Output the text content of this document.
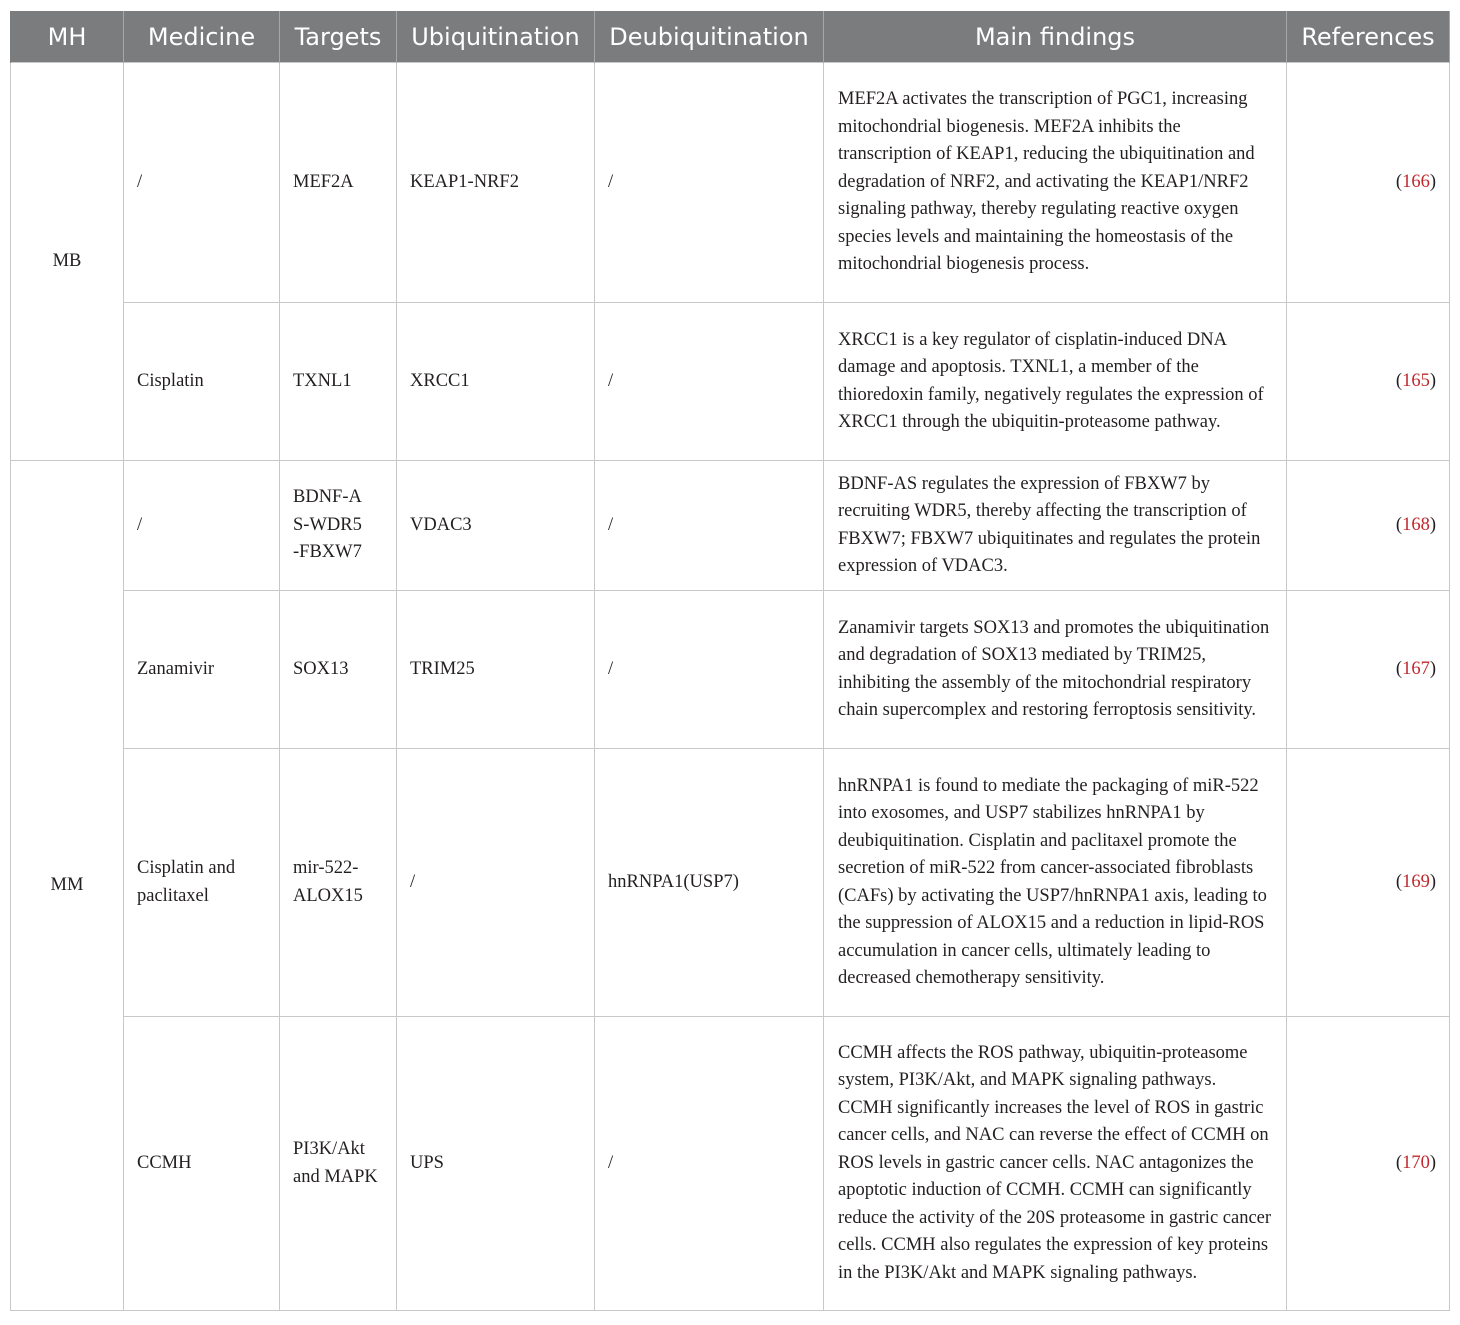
MH	Medicine	Targets	Ubiquitination	Deubiquitination	Main findings	References
MB	/	MEF2A	KEAP1-NRF2	/	MEF2A activates the transcription of PGC1, increasing mitochondrial biogenesis. MEF2A inhibits the transcription of KEAP1, reducing the ubiquitination and degradation of NRF2, and activating the KEAP1/NRF2 signaling pathway, thereby regulating reactive oxygen species levels and maintaining the homeostasis of the mitochondrial biogenesis process.	(166)
	Cisplatin	TXNL1	XRCC1	/	XRCC1 is a key regulator of cisplatin-induced DNA damage and apoptosis. TXNL1, a member of the thioredoxin family, negatively regulates the expression of XRCC1 through the ubiquitin-proteasome pathway.	(165)
MM	/	BDNF-AS-WDR5-FBXW7	VDAC3	/	BDNF-AS regulates the expression of FBXW7 by recruiting WDR5, thereby affecting the transcription of FBXW7; FBXW7 ubiquitinates and regulates the protein expression of VDAC3.	(168)
	Zanamivir	SOX13	TRIM25	/	Zanamivir targets SOX13 and promotes the ubiquitination and degradation of SOX13 mediated by TRIM25, inhibiting the assembly of the mitochondrial respiratory chain supercomplex and restoring ferroptosis sensitivity.	(167)
	Cisplatin and paclitaxel	mir-522-ALOX15	/	hnRNPA1(USP7)	hnRNPA1 is found to mediate the packaging of miR-522 into exosomes, and USP7 stabilizes hnRNPA1 by deubiquitination. Cisplatin and paclitaxel promote the secretion of miR-522 from cancer-associated fibroblasts (CAFs) by activating the USP7/hnRNPA1 axis, leading to the suppression of ALOX15 and a reduction in lipid-ROS accumulation in cancer cells, ultimately leading to decreased chemotherapy sensitivity.	(169)
	CCMH	PI3K/Akt and MAPK	UPS	/	CCMH affects the ROS pathway, ubiquitin-proteasome system, PI3K/Akt, and MAPK signaling pathways. CCMH significantly increases the level of ROS in gastric cancer cells, and NAC can reverse the effect of CCMH on ROS levels in gastric cancer cells. NAC antagonizes the apoptotic induction of CCMH. CCMH can significantly reduce the activity of the 20S proteasome in gastric cancer cells. CCMH also regulates the expression of key proteins in the PI3K/Akt and MAPK signaling pathways.	(170)
